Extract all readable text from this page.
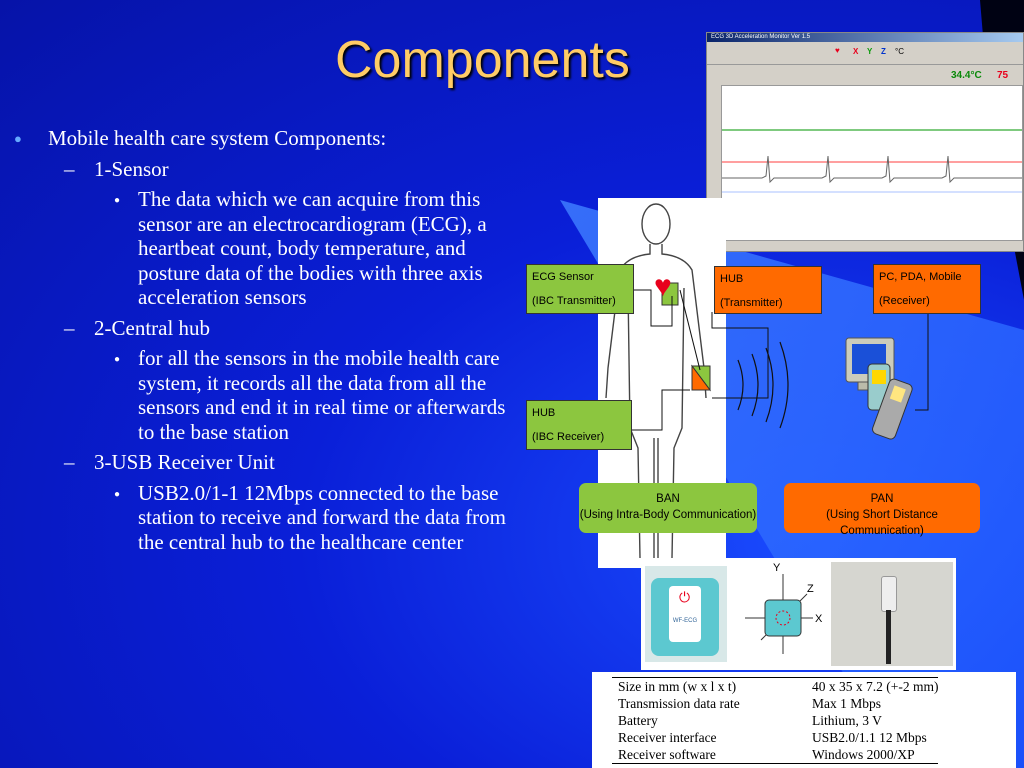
Components
● Mobile health care system Components:
– 1-Sensor
● The data which we can acquire from this sensor are an electrocardiogram (ECG), a heartbeat count, body temperature, and posture data of the bodies with three axis acceleration sensors
– 2-Central hub
● for all the sensors in the mobile health care system, it records all the data from all the sensors and end it in real time or afterwards to the base station
– 3-USB Receiver Unit
● USB2.0/1-1 12Mbps connected to the base station to receive and forward the data from the central hub to the healthcare center
ECG 3D Acceleration Monitor Ver 1.5
♥ X Y Z °C
34.4°C 75
♥
ECG Sensor
(IBC Transmitter)
HUB
(Transmitter)
PC, PDA, Mobile
(Receiver)
HUB
(IBC Receiver)
BAN
(Using Intra-Body Communication)
PAN
(Using Short Distance Communication)
⏻
WF-ECG
Y
Z
X
Size in mm (w x l x t)	40 x 35 x 7.2 (+-2 mm)
Transmission data rate	Max 1 Mbps
Battery	Lithium, 3 V
Receiver interface	USB2.0/1.1 12 Mbps
Receiver software	Windows 2000/XP
